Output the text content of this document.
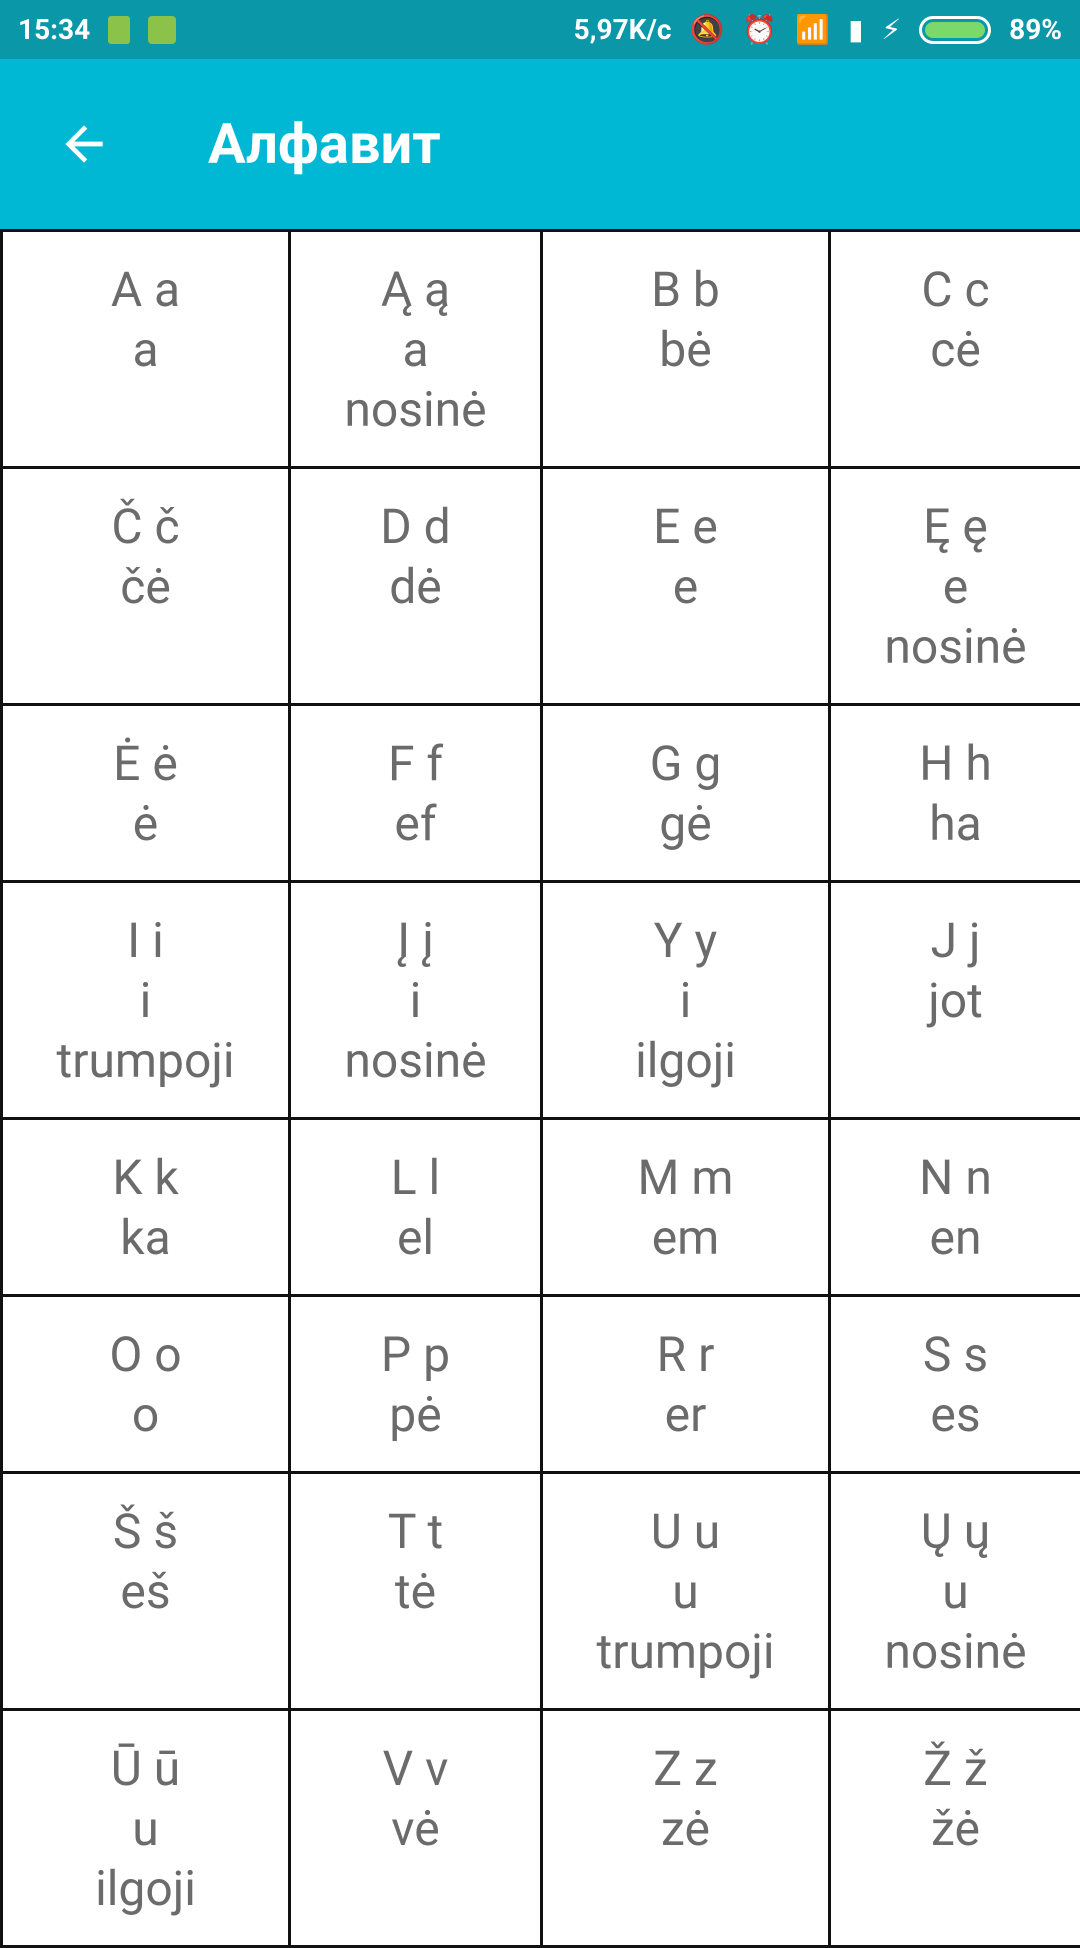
15:34	5,97K/c 🔕 ⏰ 📶 ▮ ⚡	89%
Алфавит
A a
a
Ą ą
a
nosinė
B b
bė
C c
cė
Č č
čė
D d
dė
E e
e
Ę ę
e
nosinė
Ė ė
ė
F f
ef
G g
gė
H h
ha
I i
i
trumpoji
Į į
i
nosinė
Y y
i
ilgoji
J j
jot
K k
ka
L l
el
M m
em
N n
en
O o
o
P p
pė
R r
er
S s
es
Š š
eš
T t
tė
U u
u
trumpoji
Ų ų
u
nosinė
Ū ū
u
ilgoji
V v
vė
Z z
zė
Ž ž
žė
